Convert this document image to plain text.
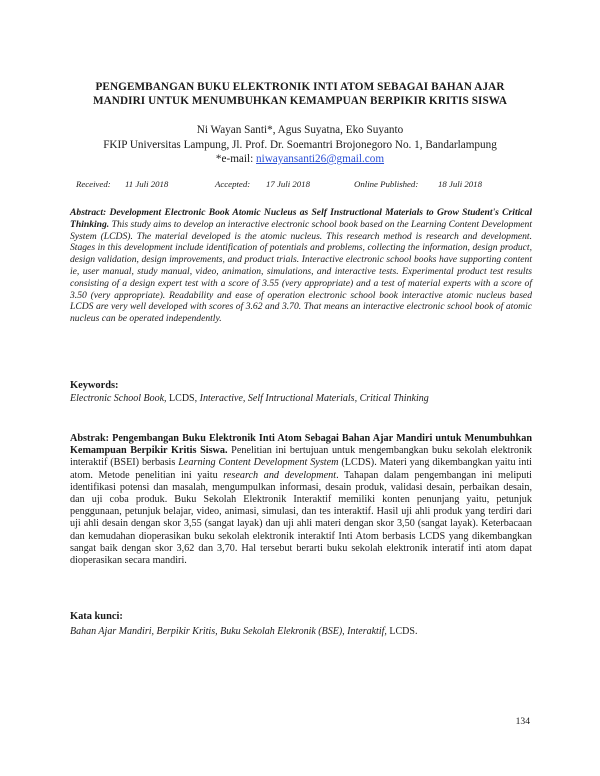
PENGEMBANGAN BUKU ELEKTRONIK INTI ATOM SEBAGAI BAHAN AJAR
MANDIRI UNTUK MENUMBUHKAN KEMAMPUAN BERPIKIR KRITIS SISWA
Ni Wayan Santi*, Agus Suyatna, Eko Suyanto
FKIP Universitas Lampung, Jl. Prof. Dr. Soemantri Brojonegoro No. 1, Bandarlampung
*e-mail: niwayansanti26@gmail.com
Received: 11 Juli 2018	Accepted: 17 Juli 2018	Online Published: 18 Juli 2018
Abstract: Development Electronic Book Atomic Nucleus as Self Instructional Materials to Grow Student's Critical Thinking. This study aims to develop an interactive electronic school book based on the Learning Content Development System (LCDS). The material developed is the atomic nucleus. This research method is research and development. Stages in this development include identification of potentials and problems, collecting the information, design product, design validation, design improvements, and product trials. Interactive electronic school books have supporting content ie, user manual, study manual, video, animation, simulations, and interactive tests. Experimental product test results consisting of a design expert test with a score of 3.55 (very appropriate) and a test of material experts with a score of 3.50 (very appropriate). Readability and ease of operation electronic school book interactive atomic nucleus based LCDS are very well developed with scores of 3.62 and 3.70. That means an interactive electronic school book of atomic nucleus can be operated independently.
Keywords:
Electronic School Book, LCDS, Interactive, Self Intructional Materials, Critical Thinking
Abstrak: Pengembangan Buku Elektronik Inti Atom Sebagai Bahan Ajar Mandiri untuk Menumbuhkan Kemampuan Berpikir Kritis Siswa. Penelitian ini bertujuan untuk mengembangkan buku sekolah elektronik interaktif (BSEI) berbasis Learning Content Development System (LCDS). Materi yang dikembangkan yaitu inti atom. Metode penelitian ini yaitu research and development. Tahapan dalam pengembangan ini meliputi identifikasi potensi dan masalah, mengumpulkan informasi, desain produk, validasi desain, perbaikan desain, dan uji coba produk. Buku Sekolah Elektronik Interaktif memiliki konten penunjang yaitu, petunjuk penggunaan, petunjuk belajar, video, animasi, simulasi, dan tes interaktif. Hasil uji ahli produk yang terdiri dari uji ahli desain dengan skor 3,55 (sangat layak) dan uji ahli materi dengan skor 3,50 (sangat layak). Keterbacaan dan kemudahan dioperasikan buku sekolah elektronik interaktif Inti Atom berbasis LCDS yang dikembangkan sangat baik dengan skor 3,62 dan 3,70. Hal tersebut berarti buku sekolah elektronik interatif inti atom dapat dioperasikan secara mandiri.
Kata kunci:
Bahan Ajar Mandiri, Berpikir Kritis, Buku Sekolah Elekronik (BSE), Interaktif, LCDS.
134
